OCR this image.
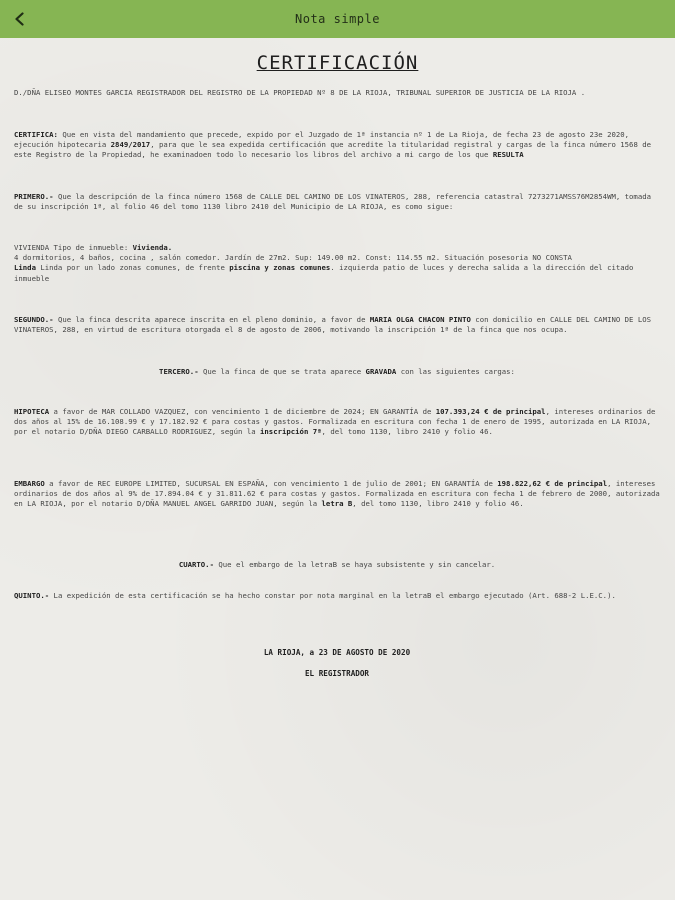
Nota simple
CERTIFICACIÓN
D./DÑA ELISEO MONTES GARCIA REGISTRADOR DEL REGISTRO DE LA PROPIEDAD Nº 8 DE LA RIOJA, TRIBUNAL SUPERIOR DE JUSTICIA DE LA RIOJA .
CERTIFICA: Que en vista del mandamiento que precede, expido por el Juzgado de 1ª instancia nº 1 de La Rioja, de fecha 23 de agosto 23e 2020, ejecución hipotecaria 2849/2017, para que le sea expedida certificación que acredite la titularidad registral y cargas de la finca número 1568 de este Registro de la Propiedad, he examinadoen todo lo necesario los libros del archivo a mi cargo de los que RESULTA
PRIMERO.- Que la descripción de la finca número 1568 de CALLE DEL CAMINO DE LOS VINATEROS, 288, referencia catastral 7273271AMSS76M2854WM, tomada de su inscripción 1ª, al folio 46 del tomo 1130 libro 2410 del Municipio de LA RIOJA, es como sigue:
VIVIENDA Tipo de inmueble: Vivienda.
4 dormitorios, 4 baños, cocina , salón comedor. Jardín de 27m2. Sup: 149.00 m2. Const: 114.55 m2. Situación posesoria NO CONSTA
Linda Linda por un lado zonas comunes, de frente piscina y zonas comunes. izquierda patio de luces y derecha salida a la dirección del citado inmueble
SEGUNDO.- Que la finca descrita aparece inscrita en el pleno dominio, a favor de MARIA OLGA CHACON PINTO con domicilio en CALLE DEL CAMINO DE LOS VINATEROS, 288, en virtud de escritura otorgada el 8 de agosto de 2006, motivando la inscripción 1ª de la finca que nos ocupa.
TERCERO.- Que la finca de que se trata aparece GRAVADA con las siguientes cargas:
HIPOTECA a favor de MAR COLLADO VAZQUEZ, con vencimiento 1 de diciembre de 2024; EN GARANTÍA de 107.393,24 € de principal, intereses ordinarios de dos años al 15% de 16.108.99 € y 17.182.92 € para costas y gastos. Formalizada en escritura con fecha 1 de enero de 1995, autorizada en LA RIOJA, por el notario D/DÑA DIEGO CARBALLO RODRIGUEZ, según la inscripción 7ª, del tomo 1130, libro 2410 y folio 46.
EMBARGO a favor de REC EUROPE LIMITED, SUCURSAL EN ESPAÑA, con vencimiento 1 de julio de 2001; EN GARANTÍA de 198.822,62 € de principal, intereses ordinarios de dos años al 9% de 17.894.04 € y 31.811.62 € para costas y gastos. Formalizada en escritura con fecha 1 de febrero de 2000, autorizada en LA RIOJA, por el notario D/DÑA MANUEL ANGEL GARRIDO JUAN, según la letra B, del tomo 1130, libro 2410 y folio 46.
CUARTO.- Que el embargo de la letraB se haya subsistente y sin cancelar.
QUINTO.- La expedición de esta certificación se ha hecho constar por nota marginal en la letraB el embargo ejecutado (Art. 688-2 L.E.C.).
LA RIOJA, a 23 DE AGOSTO DE 2020
EL REGISTRADOR
